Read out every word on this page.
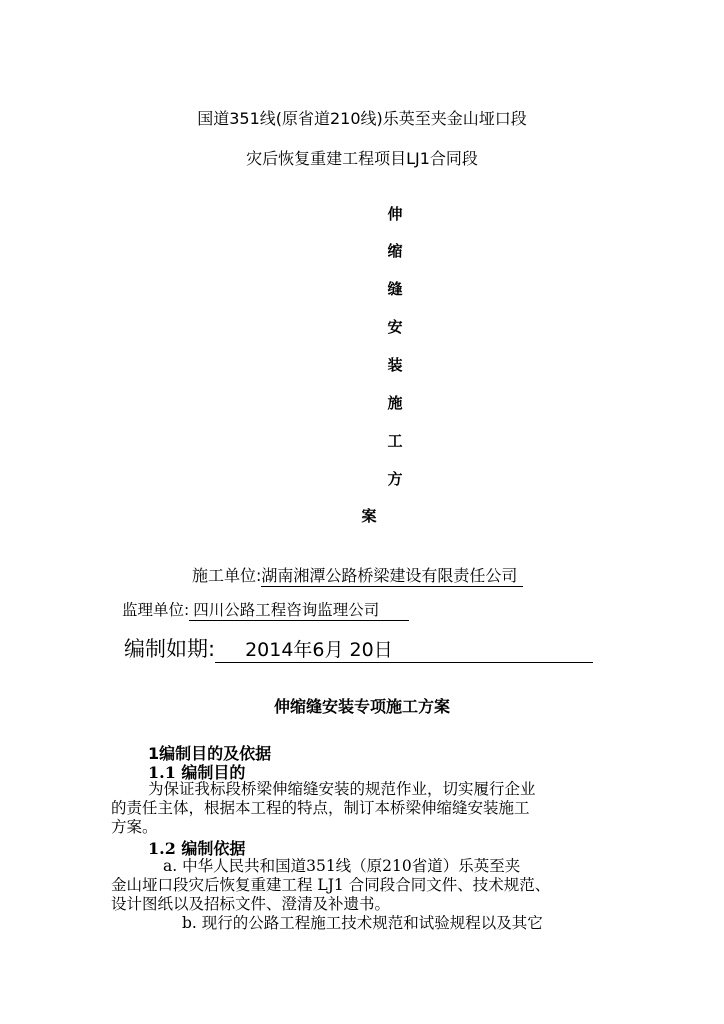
国道351线(原省道210线)乐英至夹金山垭口段
灾后恢复重建工程项目LJ1合同段
伸
缩
缝
安
装
施
工
方
案
施工单位:湖南湘潭公路桥梁建设有限责任公司
监理单位: 四川公路工程咨询监理公司
编制如期: 2014年6月 20日
伸缩缝安装专项施工方案
1编制目的及依据
1.1 编制目的
为保证我标段桥梁伸缩缝安装的规范作业，切实履行企业
的责任主体，根据本工程的特点，制订本桥梁伸缩缝安装施工
方案。
1.2 编制依据
a. 中华人民共和国道351线（原210省道）乐英至夹
金山垭口段灾后恢复重建工程 LJ1 合同段合同文件、技术规范、
设计图纸以及招标文件、澄清及补遗书。
b. 现行的公路工程施工技术规范和试验规程以及其它
